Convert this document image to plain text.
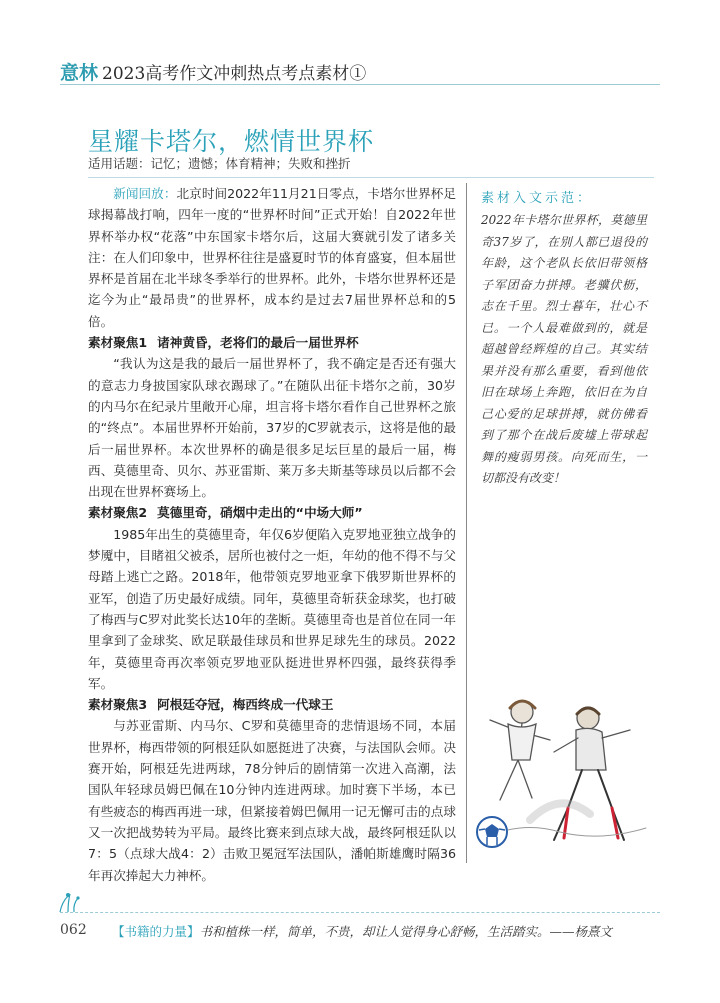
意林 2023高考作文冲刺热点考点素材①
星耀卡塔尔，燃情世界杯
适用话题：记忆；遗憾；体育精神；失败和挫折

新闻回放：北京时间2022年11月21日零点，卡塔尔世界杯足球揭幕战打响，四年一度的“世界杯时间”正式开始！自2022年世界杯举办权“花落”中东国家卡塔尔后，这届大赛就引发了诸多关注：在人们印象中，世界杯往往是盛夏时节的体育盛宴，但本届世界杯是首届在北半球冬季举行的世界杯。此外，卡塔尔世界杯还是迄今为止“最昂贵”的世界杯，成本约是过去7届世界杯总和的5倍。

素材聚焦1 诸神黄昏，老将们的最后一届世界杯

“我认为这是我的最后一届世界杯了，我不确定是否还有强大的意志力身披国家队球衣踢球了。”在随队出征卡塔尔之前，30岁的内马尔在纪录片里敞开心扉，坦言将卡塔尔看作自己世界杯之旅的“终点”。本届世界杯开始前，37岁的C罗就表示，这将是他的最后一届世界杯。本次世界杯的确是很多足坛巨星的最后一届，梅西、莫德里奇、贝尔、苏亚雷斯、莱万多夫斯基等球员以后都不会出现在世界杯赛场上。

素材聚焦2 莫德里奇，硝烟中走出的“中场大师”

1985年出生的莫德里奇，年仅6岁便陷入克罗地亚独立战争的梦魇中，目睹祖父被杀，居所也被付之一炬，年幼的他不得不与父母踏上逃亡之路。2018年，他带领克罗地亚拿下俄罗斯世界杯的亚军，创造了历史最好成绩。同年，莫德里奇斩获金球奖，也打破了梅西与C罗对此奖长达10年的垄断。莫德里奇也是首位在同一年里拿到了金球奖、欧足联最佳球员和世界足球先生的球员。2022年，莫德里奇再次率领克罗地亚队挺进世界杯四强，最终获得季军。

素材聚焦3 阿根廷夺冠，梅西终成一代球王

与苏亚雷斯、内马尔、C罗和莫德里奇的悲情退场不同，本届世界杯，梅西带领的阿根廷队如愿挺进了决赛，与法国队会师。决赛开始，阿根廷先进两球，78分钟后的剧情第一次进入高潮，法国队年轻球员姆巴佩在10分钟内连进两球。加时赛下半场，本已有些疲态的梅西再进一球，但紧接着姆巴佩用一记无懈可击的点球又一次把战势转为平局。最终比赛来到点球大战，最终阿根廷队以7：5（点球大战4：2）击败卫冕冠军法国队，潘帕斯雄鹰时隔36年再次捧起大力神杯。

素材入文示范：
2022年卡塔尔世界杯，莫德里奇37岁了，在别人都已退役的年龄，这个老队长依旧带领格子军团奋力拼搏。老骥伏枥，志在千里。烈士暮年，壮心不已。一个人最难做到的，就是超越曾经辉煌的自己。其实结果并没有那么重要，看到他依旧在球场上奔跑，依旧在为自己心爱的足球拼搏，就仿佛看到了那个在战后废墟上带球起舞的瘦弱男孩。向死而生，一切都没有改变！
062 【书籍的力量】书和植株一样，简单，不贵，却让人觉得身心舒畅，生活踏实。——杨熹文
